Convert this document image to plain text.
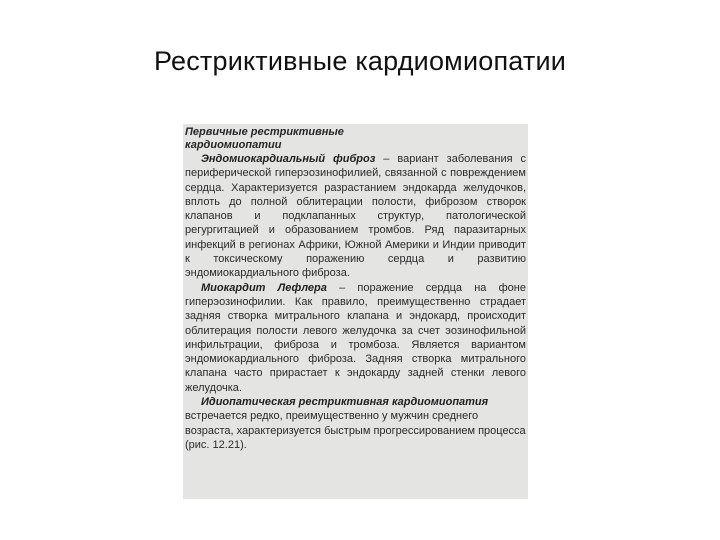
Рестриктивные кардиомиопатии
Первичные рестриктивные
кардиомиопатии

Эндомиокардиальный фиброз – вариант заболевания с периферической гиперэозинофилией, связанной с повреждением сердца. Характеризуется разрастанием эндокарда желудочков, вплоть до полной облитерации полости, фиброзом створок клапанов и подклапанных структур, патологической регургитацией и образованием тромбов. Ряд паразитарных инфекций в регионах Африки, Южной Америки и Индии приводит к токсическому поражению сердца и развитию эндомиокардиального фиброза.

Миокардит Лефлера – поражение сердца на фоне гиперэозинофилии. Как правило, преимущественно страдает задняя створка митрального клапана и эндокард, происходит облитерация полости левого желудочка за счет эозинофильной инфильтрации, фиброза и тромбоза. Является вариантом эндомиокардиального фиброза. Задняя створка митрального клапана часто прирастает к эндокарду задней стенки левого желудочка.

Идиопатическая рестриктивная кардиомиопатия встречается редко, преимущественно у мужчин среднего возраста, характеризуется быстрым прогрессированием процесса (рис. 12.21).
